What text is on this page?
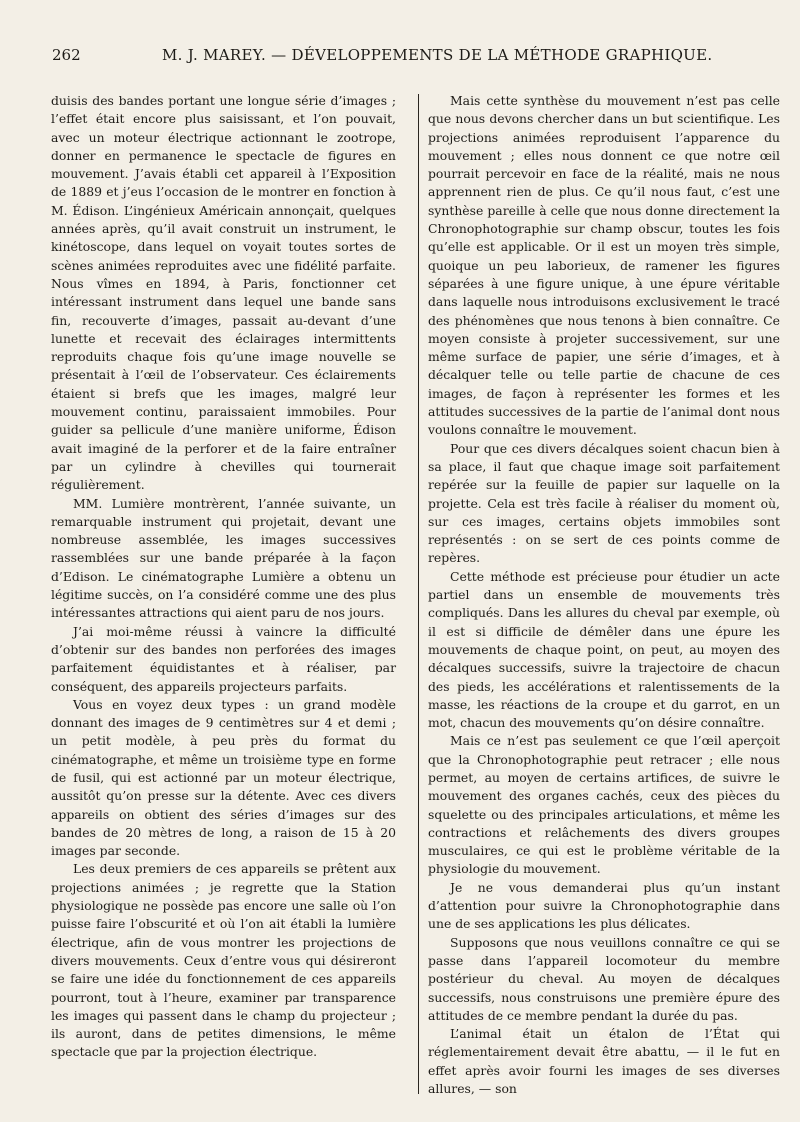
262	M. J. MAREY. — DÉVELOPPEMENTS DE LA MÉTHODE GRAPHIQUE.

duisis des bandes portant une longue série d’images ; l’effet était encore plus saisissant, et l’on pouvait, avec un moteur électrique actionnant le zootrope, donner en permanence le spectacle de figures en mouvement. J’avais établi cet appareil à l’Exposition de 1889 et j’eus l’occasion de le montrer en fonction à M. Édison. L’ingénieux Américain annonçait, quelques années après, qu’il avait construit un instrument, le kinétoscope, dans lequel on voyait toutes sortes de scènes animées reproduites avec une fidélité parfaite. Nous vîmes en 1894, à Paris, fonctionner cet intéressant instrument dans lequel une bande sans fin, recouverte d’images, passait au-devant d’une lunette et recevait des éclairages intermittents reproduits chaque fois qu’une image nouvelle se présentait à l’œil de l’observateur. Ces éclairements étaient si brefs que les images, malgré leur mouvement continu, paraissaient immobiles. Pour guider sa pellicule d’une manière uniforme, Édison avait imaginé de la perforer et de la faire entraîner par un cylindre à chevilles qui tournerait régulièrement.

MM. Lumière montrèrent, l’année suivante, un remarquable instrument qui projetait, devant une nombreuse assemblée, les images successives rassemblées sur une bande préparée à la façon d’Edison. Le cinématographe Lumière a obtenu un légitime succès, on l’a considéré comme une des plus intéressantes attractions qui aient paru de nos jours.

J’ai moi-même réussi à vaincre la difficulté d’obtenir sur des bandes non perforées des images parfaitement équidistantes et à réaliser, par conséquent, des appareils projecteurs parfaits.

Vous en voyez deux types : un grand modèle donnant des images de 9 centimètres sur 4 et demi ; un petit modèle, à peu près du format du cinématographe, et même un troisième type en forme de fusil, qui est actionné par un moteur électrique, aussitôt qu’on presse sur la détente. Avec ces divers appareils on obtient des séries d’images sur des bandes de 20 mètres de long, a raison de 15 à 20 images par seconde.

Les deux premiers de ces appareils se prêtent aux projections animées ; je regrette que la Station physiologique ne possède pas encore une salle où l’on puisse faire l’obscurité et où l’on ait établi la lumière électrique, afin de vous montrer les projections de divers mouvements. Ceux d’entre vous qui désireront se faire une idée du fonctionnement de ces appareils pourront, tout à l’heure, examiner par transparence les images qui passent dans le champ du projecteur ; ils auront, dans de petites dimensions, le même spectacle que par la projection électrique.

Mais cette synthèse du mouvement n’est pas celle que nous devons chercher dans un but scientifique. Les projections animées reproduisent l’apparence du mouvement ; elles nous donnent ce que notre œil pourrait percevoir en face de la réalité, mais ne nous apprennent rien de plus. Ce qu’il nous faut, c’est une synthèse pareille à celle que nous donne directement la Chronophotographie sur champ obscur, toutes les fois qu’elle est applicable. Or il est un moyen très simple, quoique un peu laborieux, de ramener les figures séparées à une figure unique, à une épure véritable dans laquelle nous introduisons exclusivement le tracé des phénomènes que nous tenons à bien connaître. Ce moyen consiste à projeter successivement, sur une même surface de papier, une série d’images, et à décalquer telle ou telle partie de chacune de ces images, de façon à représenter les formes et les attitudes successives de la partie de l’animal dont nous voulons connaître le mouvement.

Pour que ces divers décalques soient chacun bien à sa place, il faut que chaque image soit parfaitement repérée sur la feuille de papier sur laquelle on la projette. Cela est très facile à réaliser du moment où, sur ces images, certains objets immobiles sont représentés : on se sert de ces points comme de repères.

Cette méthode est précieuse pour étudier un acte partiel dans un ensemble de mouvements très compliqués. Dans les allures du cheval par exemple, où il est si difficile de démêler dans une épure les mouvements de chaque point, on peut, au moyen des décalques successifs, suivre la trajectoire de chacun des pieds, les accélérations et ralentissements de la masse, les réactions de la croupe et du garrot, en un mot, chacun des mouvements qu’on désire connaître.

Mais ce n’est pas seulement ce que l’œil aperçoit que la Chronophotographie peut retracer ; elle nous permet, au moyen de certains artifices, de suivre le mouvement des organes cachés, ceux des pièces du squelette ou des principales articulations, et même les contractions et relâchements des divers groupes musculaires, ce qui est le problème véritable de la physiologie du mouvement.

Je ne vous demanderai plus qu’un instant d’attention pour suivre la Chronophotographie dans une de ses applications les plus délicates.

Supposons que nous veuillons connaître ce qui se passe dans l’appareil locomoteur du membre postérieur du cheval. Au moyen de décalques successifs, nous construisons une première épure des attitudes de ce membre pendant la durée du pas.

L’animal était un étalon de l’État qui réglementairement devait être abattu, — il le fut en effet après avoir fourni les images de ses diverses allures, — son
